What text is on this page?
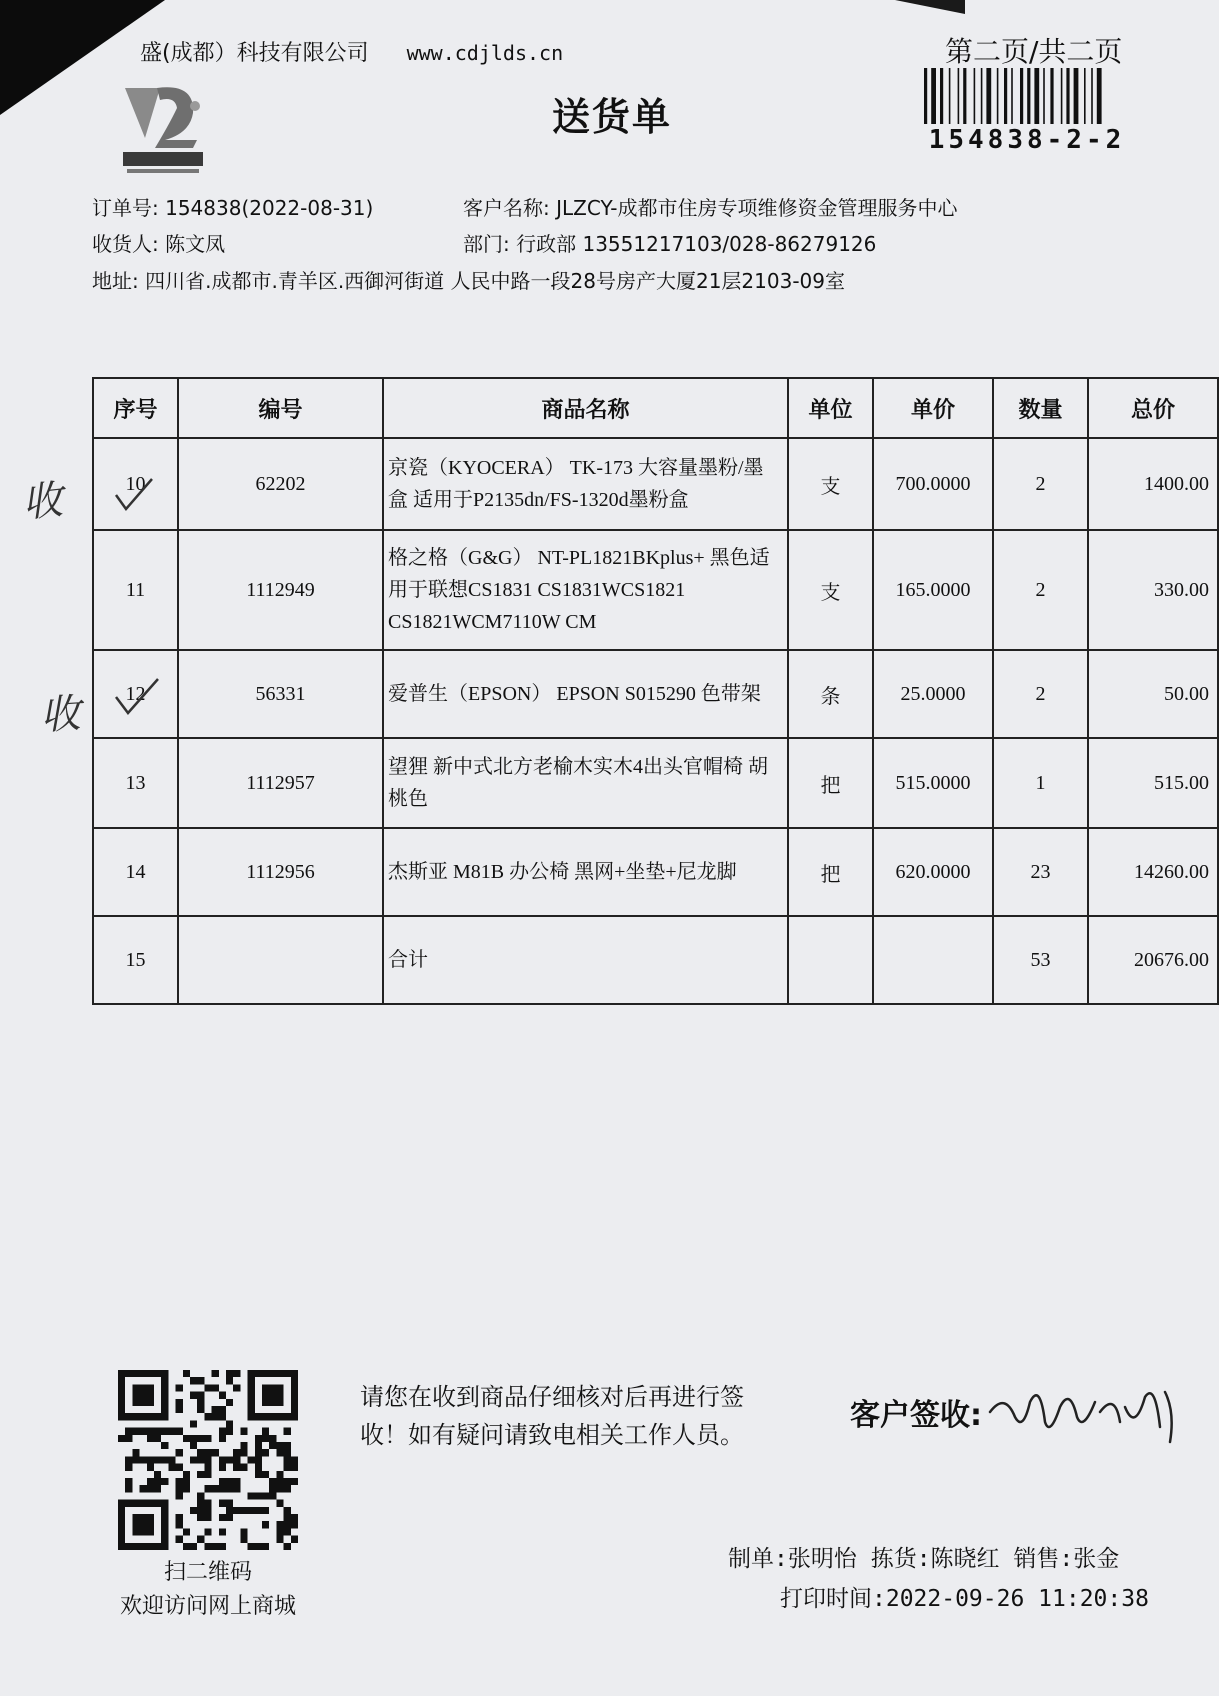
盛(成都）科技有限公司 www.cdjlds.cn	第二页/共二页
送货单
154838-2-2
订单号: 154838(2022-08-31)	客户名称: JLZCY-成都市住房专项维修资金管理服务中心
收货人: 陈文凤	部门: 行政部 13551217103/028-86279126
地址: 四川省.成都市.青羊区.西御河街道 人民中路一段28号房产大厦21层2103-09室
序号	编号	商品名称	单位	单价	数量	总价
10	62202	京瓷（KYOCERA） TK-173 大容量墨粉/墨盒 适用于P2135dn/FS-1320d墨粉盒	支	700.0000	2	1400.00
11	1112949	格之格（G&G） NT-PL1821BKplus+ 黑色适用于联想CS1831 CS1831WCS1821 CS1821WCM7110W CM	支	165.0000	2	330.00
12	56331	爱普生（EPSON） EPSON S015290 色带架	条	25.0000	2	50.00
13	1112957	望狸 新中式北方老榆木实木4出头官帽椅 胡桃色	把	515.0000	1	515.00
14	1112956	杰斯亚 M81B 办公椅 黑网+坐垫+尼龙脚	把	620.0000	23	14260.00
15		合计			53	20676.00
收
收
扫二维码
欢迎访问网上商城
请您在收到商品仔细核对后再进行签收！如有疑问请致电相关工作人员。
客户签收:
制单:张明怡 拣货:陈晓红 销售:张金
打印时间:2022-09-26 11:20:38
